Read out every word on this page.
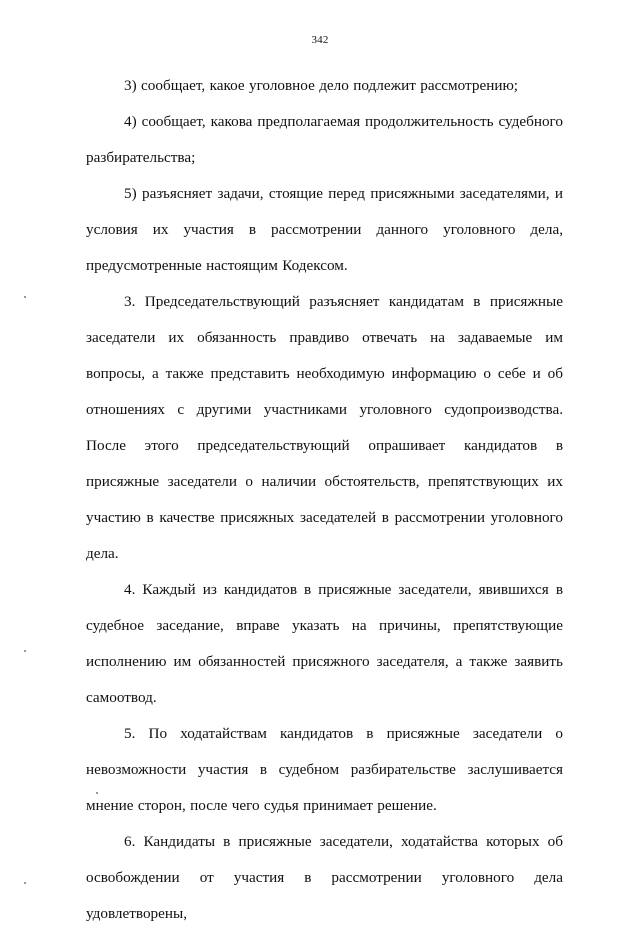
342

3) сообщает, какое уголовное дело подлежит рассмотрению;

4) сообщает, какова предполагаемая продолжительность судебного разбирательства;

5) разъясняет задачи, стоящие перед присяжными заседателями, и условия их участия в рассмотрении данного уголовного дела, предусмотренные настоящим Кодексом.

3. Председательствующий разъясняет кандидатам в присяжные заседатели их обязанность правдиво отвечать на задаваемые им вопросы, а также представить необходимую информацию о себе и об отношениях с другими участниками уголовного судопроизводства. После этого председательствующий опрашивает кандидатов в присяжные заседатели о наличии обстоятельств, препятствующих их участию в качестве присяжных заседателей в рассмотрении уголовного дела.

4. Каждый из кандидатов в присяжные заседатели, явившихся в судебное заседание, вправе указать на причины, препятствующие исполнению им обязанностей присяжного заседателя, а также заявить самоотвод.

5. По ходатайствам кандидатов в присяжные заседатели о невозможности участия в судебном разбирательстве заслушивается мнение сторон, после чего судья принимает решение.

6. Кандидаты в присяжные заседатели, ходатайства которых об освобождении от участия в рассмотрении уголовного дела удовлетворены,
